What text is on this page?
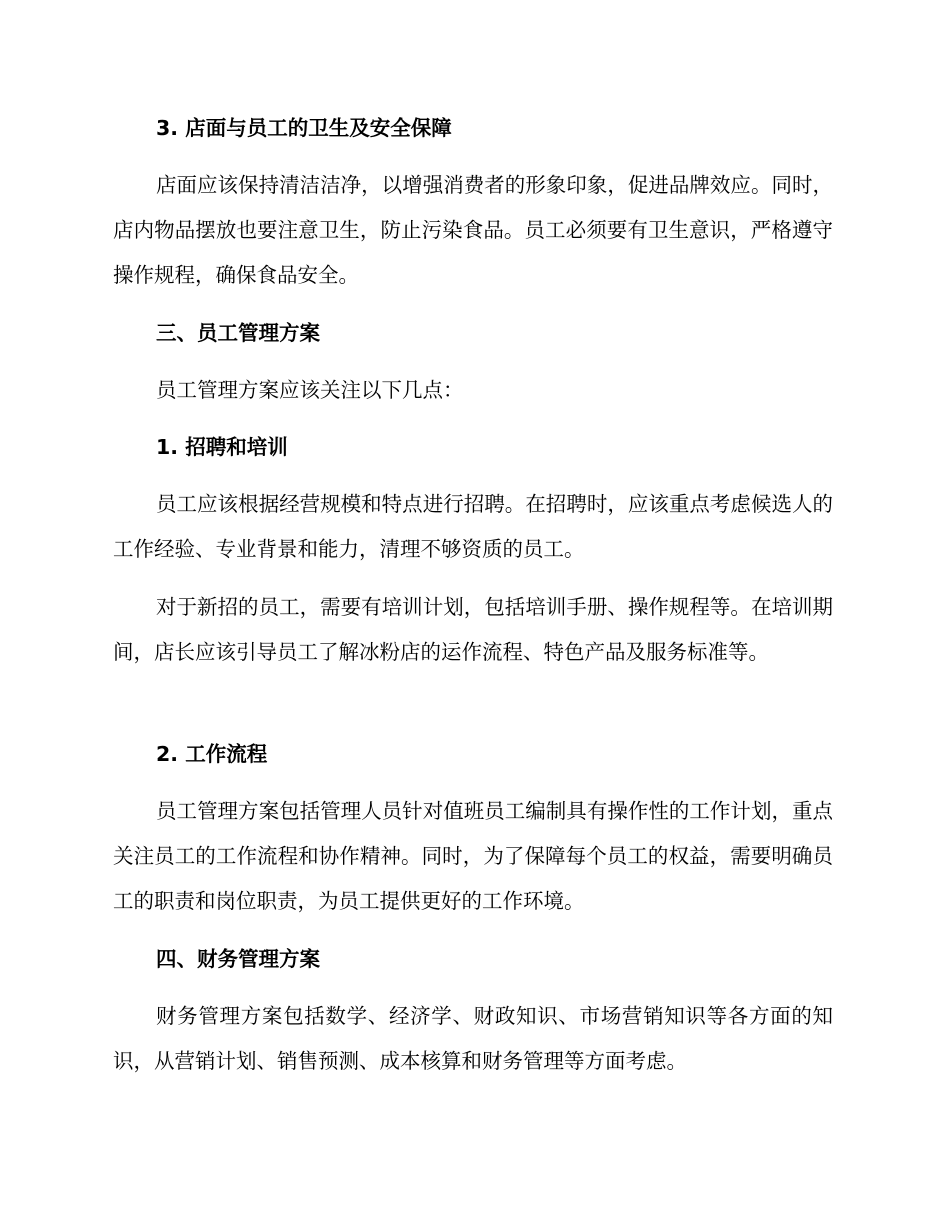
3. 店面与员工的卫生及安全保障

店面应该保持清洁洁净，以增强消费者的形象印象，促进品牌效应。同时，店内物品摆放也要注意卫生，防止污染食品。员工必须要有卫生意识，严格遵守操作规程，确保食品安全。

三、员工管理方案

员工管理方案应该关注以下几点：

1. 招聘和培训

员工应该根据经营规模和特点进行招聘。在招聘时，应该重点考虑候选人的工作经验、专业背景和能力，清理不够资质的员工。

对于新招的员工，需要有培训计划，包括培训手册、操作规程等。在培训期间，店长应该引导员工了解冰粉店的运作流程、特色产品及服务标准等。

2. 工作流程

员工管理方案包括管理人员针对值班员工编制具有操作性的工作计划，重点关注员工的工作流程和协作精神。同时，为了保障每个员工的权益，需要明确员工的职责和岗位职责，为员工提供更好的工作环境。

四、财务管理方案

财务管理方案包括数学、经济学、财政知识、市场营销知识等各方面的知识，从营销计划、销售预测、成本核算和财务管理等方面考虑。
